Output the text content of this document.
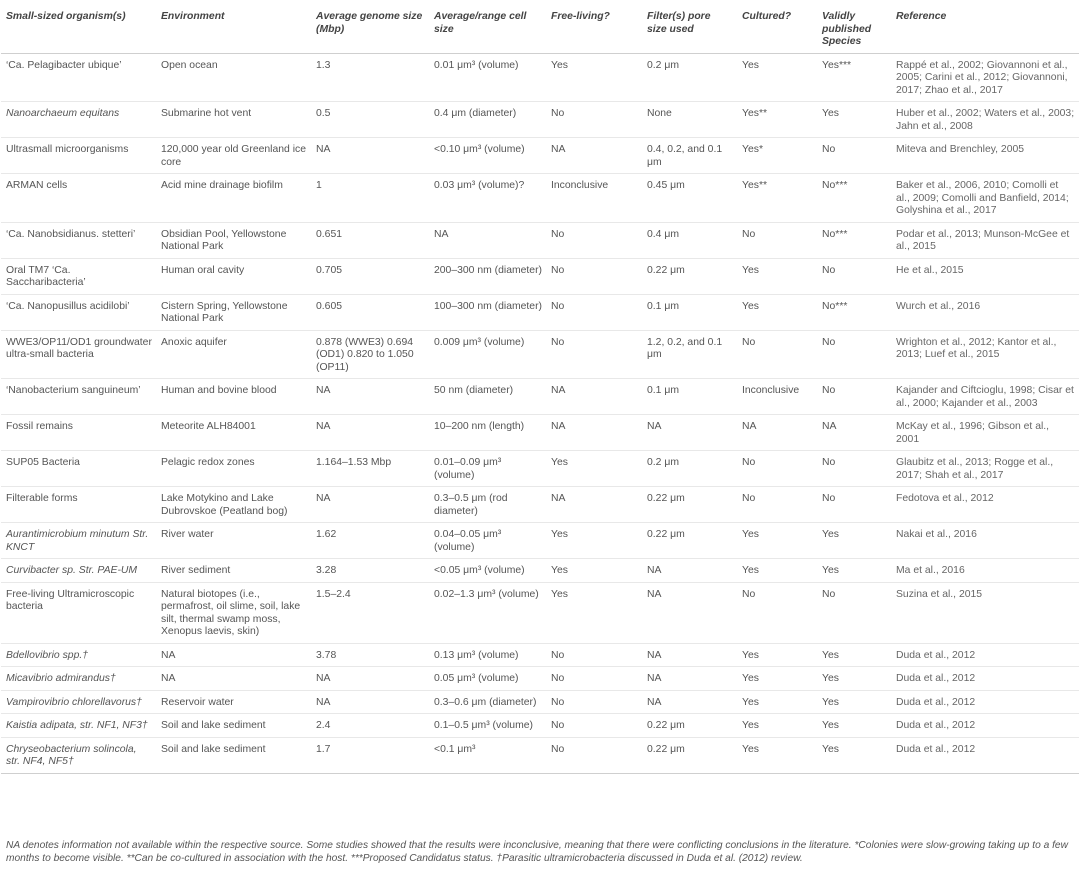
Small-sized organism(s)	Environment	Average genome size (Mbp)	Average/range cell size	Free-living?	Filter(s) pore size used	Cultured?	Validly published Species	Reference
‘Ca. Pelagibacter ubique’	Open ocean	1.3	0.01 μm³ (volume)	Yes	0.2 μm	Yes	Yes***	Rappé et al., 2002; Giovannoni et al., 2005; Carini et al., 2012; Giovannoni, 2017; Zhao et al., 2017
Nanoarchaeum equitans	Submarine hot vent	0.5	0.4 μm (diameter)	No	None	Yes**	Yes	Huber et al., 2002; Waters et al., 2003; Jahn et al., 2008
Ultrasmall microorganisms	120,000 year old Greenland ice core	NA	<0.10 μm³ (volume)	NA	0.4, 0.2, and 0.1 μm	Yes*	No	Miteva and Brenchley, 2005
ARMAN cells	Acid mine drainage biofilm	1	0.03 μm³ (volume)?	Inconclusive	0.45 μm	Yes**	No***	Baker et al., 2006, 2010; Comolli et al., 2009; Comolli and Banfield, 2014; Golyshina et al., 2017
‘Ca. Nanobsidianus. stetteri’	Obsidian Pool, Yellowstone National Park	0.651	NA	No	0.4 μm	No	No***	Podar et al., 2013; Munson-McGee et al., 2015
Oral TM7 ‘Ca. Saccharibacteria’	Human oral cavity	0.705	200–300 nm (diameter)	No	0.22 μm	Yes	No	He et al., 2015
‘Ca. Nanopusillus acidilobi’	Cistern Spring, Yellowstone National Park	0.605	100–300 nm (diameter)	No	0.1 μm	Yes	No***	Wurch et al., 2016
WWE3/OP11/OD1 groundwater ultra-small bacteria	Anoxic aquifer	0.878 (WWE3) 0.694 (OD1) 0.820 to 1.050 (OP11)	0.009 μm³ (volume)	No	1.2, 0.2, and 0.1 μm	No	No	Wrighton et al., 2012; Kantor et al., 2013; Luef et al., 2015
‘Nanobacterium sanguineum’	Human and bovine blood	NA	50 nm (diameter)	NA	0.1 μm	Inconclusive	No	Kajander and Ciftcioglu, 1998; Cisar et al., 2000; Kajander et al., 2003
Fossil remains	Meteorite ALH84001	NA	10–200 nm (length)	NA	NA	NA	NA	McKay et al., 1996; Gibson et al., 2001
SUP05 Bacteria	Pelagic redox zones	1.164–1.53 Mbp	0.01–0.09 μm³ (volume)	Yes	0.2 μm	No	No	Glaubitz et al., 2013; Rogge et al., 2017; Shah et al., 2017
Filterable forms	Lake Motykino and Lake Dubrovskoe (Peatland bog)	NA	0.3–0.5 μm (rod diameter)	NA	0.22 μm	No	No	Fedotova et al., 2012
Aurantimicrobium minutum Str. KNCT	River water	1.62	0.04–0.05 μm³ (volume)	Yes	0.22 μm	Yes	Yes	Nakai et al., 2016
Curvibacter sp. Str. PAE-UM	River sediment	3.28	<0.05 μm³ (volume)	Yes	NA	Yes	Yes	Ma et al., 2016
Free-living Ultramicroscopic bacteria	Natural biotopes (i.e., permafrost, oil slime, soil, lake silt, thermal swamp moss, Xenopus laevis, skin)	1.5–2.4	0.02–1.3 μm³ (volume)	Yes	NA	No	No	Suzina et al., 2015
Bdellovibrio spp.†	NA	3.78	0.13 μm³ (volume)	No	NA	Yes	Yes	Duda et al., 2012
Micavibrio admirandus†	NA	NA	0.05 μm³ (volume)	No	NA	Yes	Yes	Duda et al., 2012
Vampirovibrio chlorellavorus†	Reservoir water	NA	0.3–0.6 μm (diameter)	No	NA	Yes	Yes	Duda et al., 2012
Kaistia adipata, str. NF1, NF3†	Soil and lake sediment	2.4	0.1–0.5 μm³ (volume)	No	0.22 μm	Yes	Yes	Duda et al., 2012
Chryseobacterium solincola, str. NF4, NF5†	Soil and lake sediment	1.7	<0.1 μm³	No	0.22 μm	Yes	Yes	Duda et al., 2012
NA denotes information not available within the respective source. Some studies showed that the results were inconclusive, meaning that there were conflicting conclusions in the literature. *Colonies were slow-growing taking up to a few months to become visible. **Can be co-cultured in association with the host. ***Proposed Candidatus status. †Parasitic ultramicrobacteria discussed in Duda et al. (2012) review.
